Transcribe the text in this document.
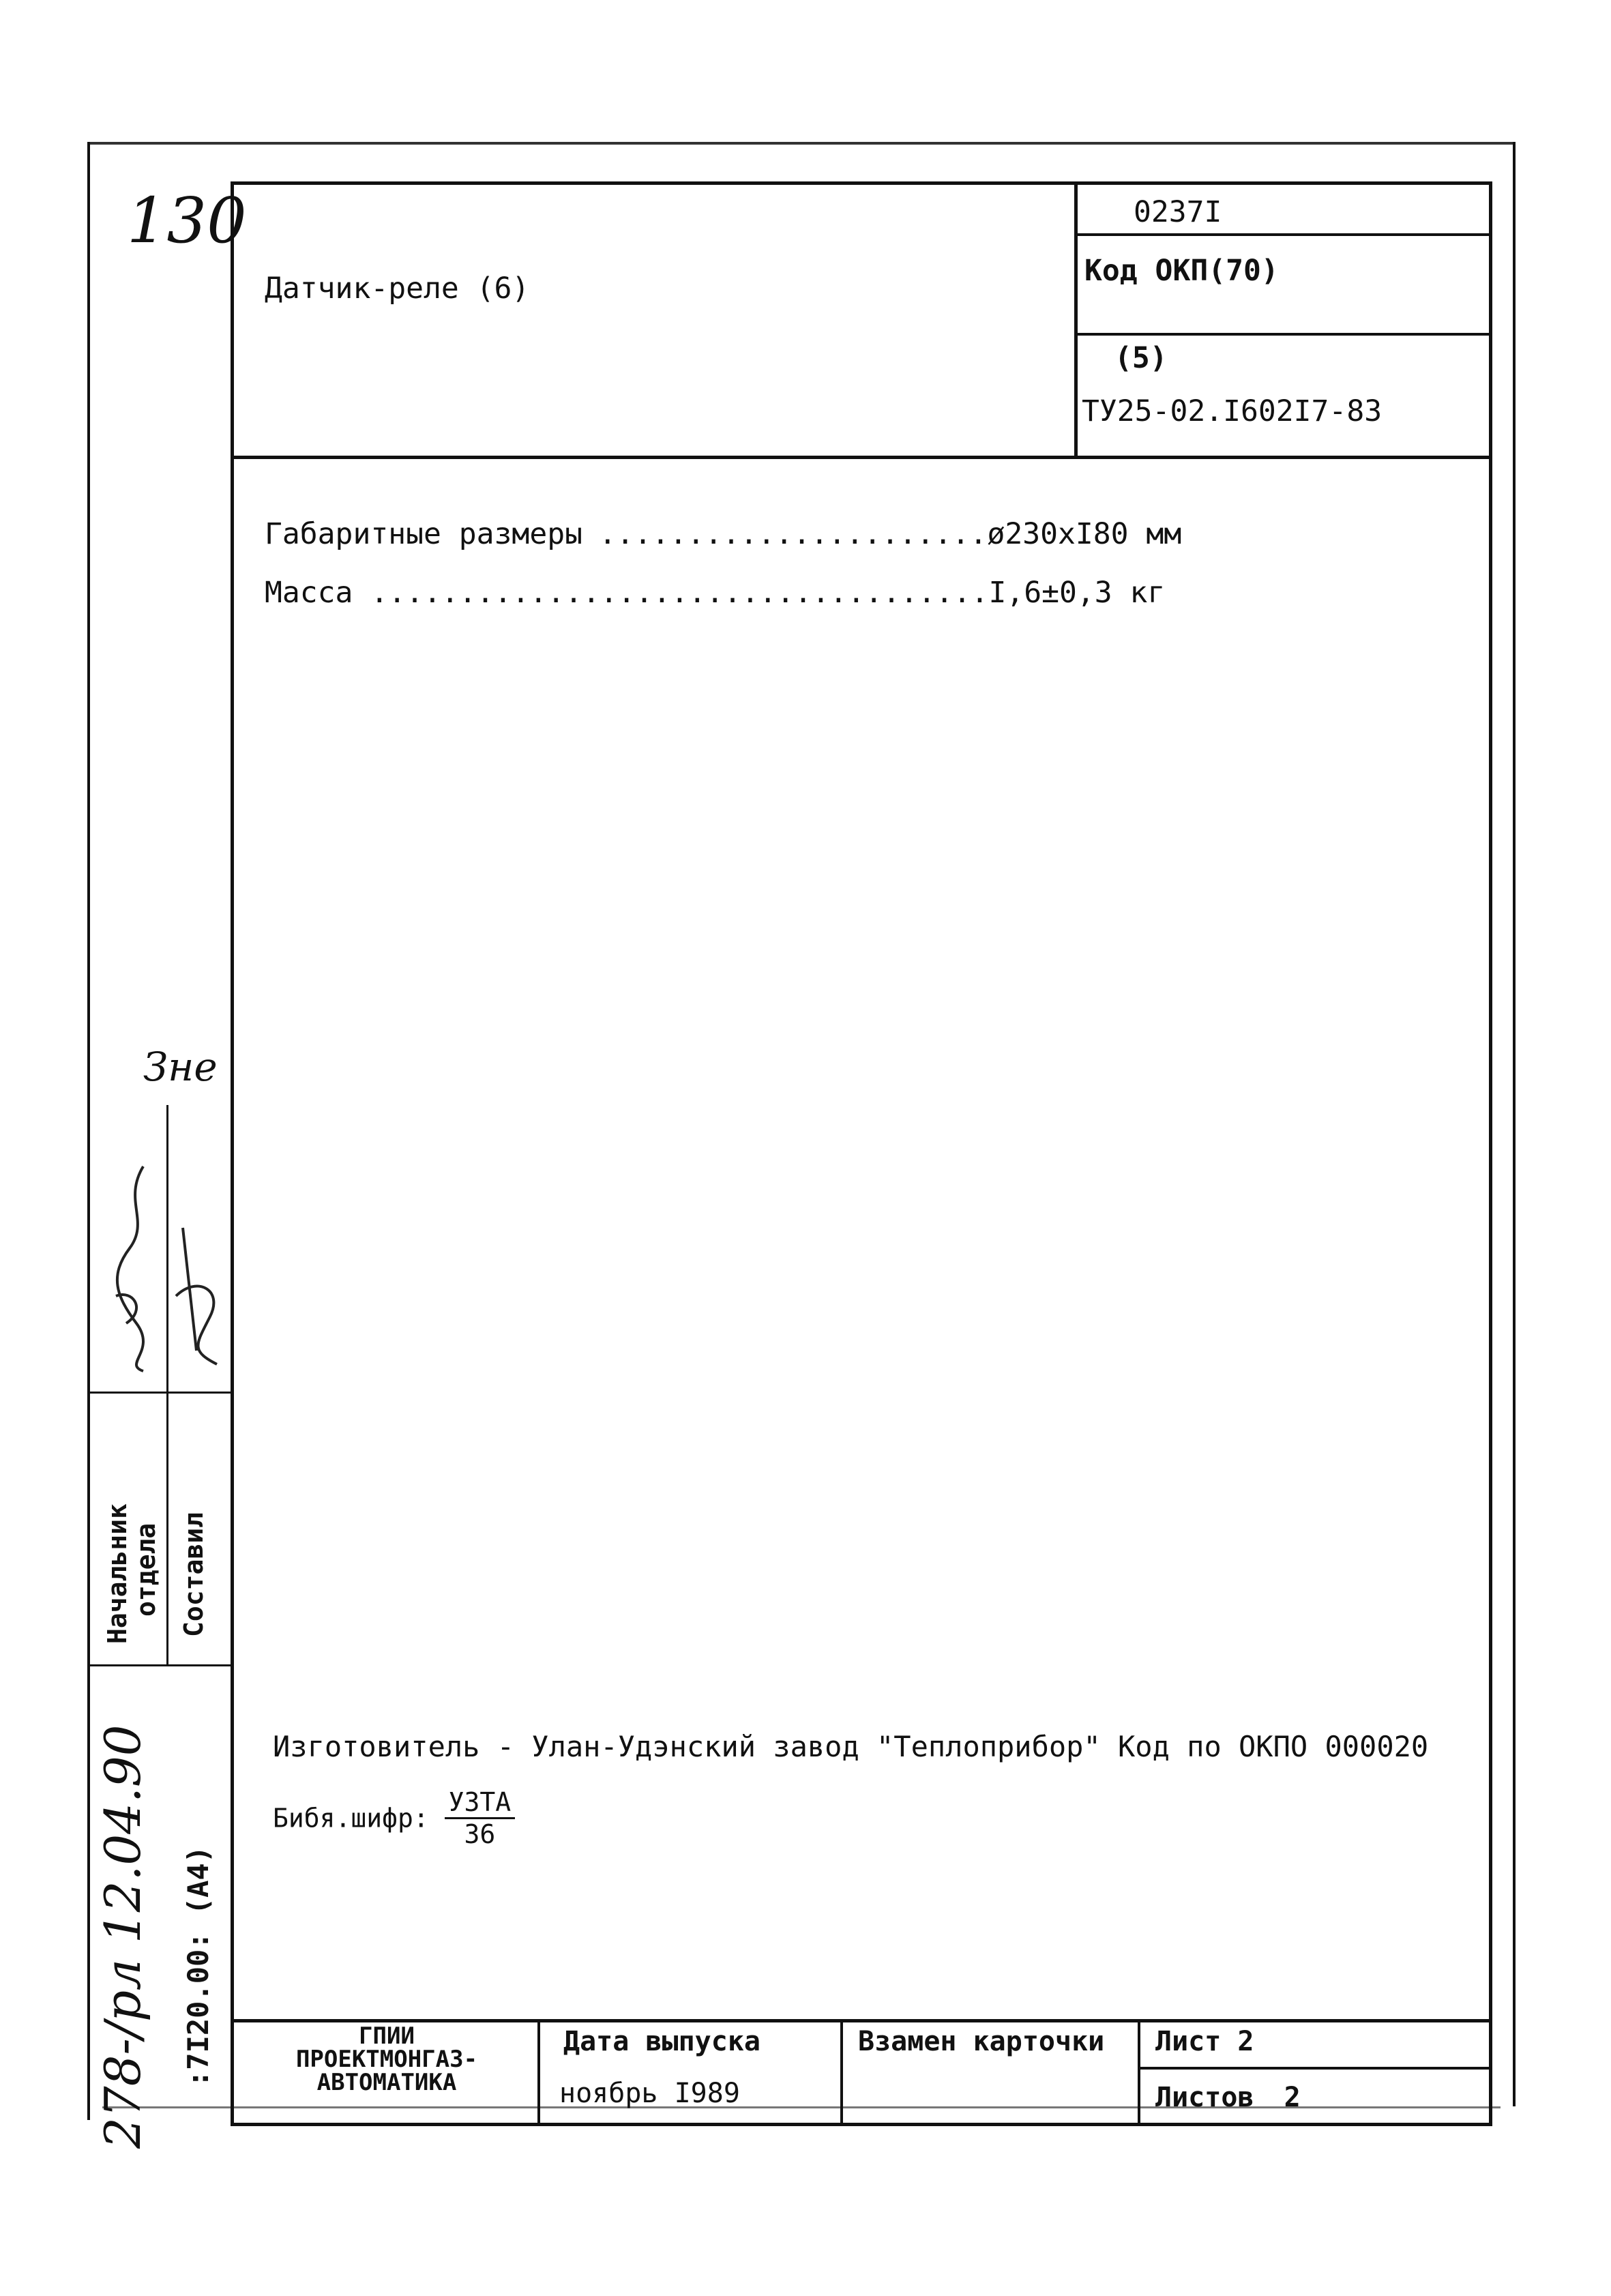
130
Зне
Начальник
отдела Составил
278-/рл 12.04.90 :7I20.00: (A4)
Датчик-реле (6)
0237I
Код ОКП(70)
(5)
ТУ25-02.I602I7-83
Габаритные размеры ......................ø230xI80 мм
Масса ...................................I,6±0,3 кг
Изготовитель - Улан-Удэнский завод "Теплоприбор" Код по ОКПО 000020
Бибя.шифр:
УЗТА
36
ГПИИ
ПРОЕКТМОНГАЗ-
АВТОМАТИКА
Дата выпуска
ноябрь I989
Взамен карточки Лист 2
Листов 2
